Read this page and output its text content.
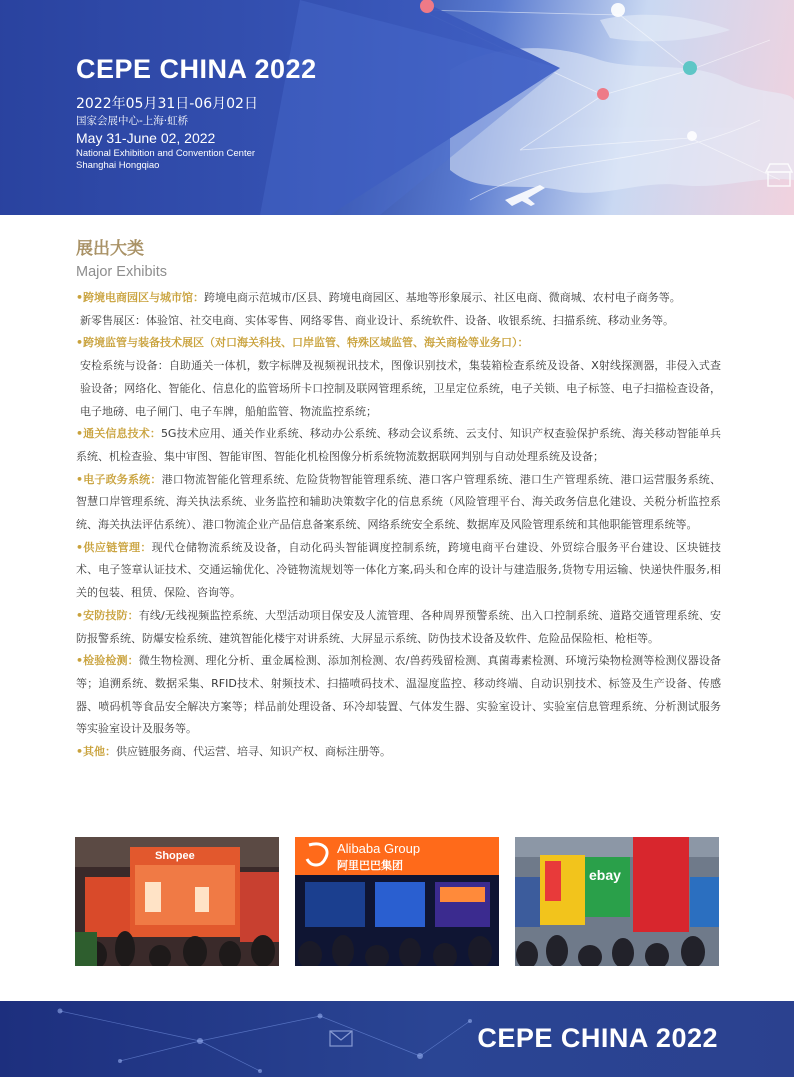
CEPE CHINA 2022
2022年05月31日-06月02日
国家会展中心-上海·虹桥
May 31-June 02, 2022
National Exhibition and Convention Center
Shanghai Hongqiao
展出大类
Major Exhibits
•跨境电商园区与城市馆：跨境电商示范城市/区县、跨境电商园区、基地等形象展示、社区电商、微商城、农村电子商务等。
新零售展区：体验馆、社交电商、实体零售、网络零售、商业设计、系统软件、设备、收银系统、扫描系统、移动业务等。
•跨境监管与装备技术展区（对口海关科技、口岸监管、特殊区域监管、海关商检等业务口）：
安检系统与设备：自助通关一体机，数字标牌及视频视讯技术，图像识别技术，集装箱检查系统及设备、X射线探测器，非侵入式查验设备；网络化、智能化、信息化的监管场所卡口控制及联网管理系统，卫星定位系统，电子关锁、电子标签、电子扫描检查设备，电子地磅、电子闸门、电子车牌，船舶监管、物流监控系统；
•通关信息技术：5G技术应用、通关作业系统、移动办公系统、移动会议系统、云支付、知识产权查验保护系统、海关移动智能单兵系统、机检查验、集中审图、智能审图、智能化机检图像分析系统物流数据联网判别与自动处理系统及设备；
•电子政务系统：港口物流智能化管理系统、危险货物智能管理系统、港口客户管理系统、港口生产管理系统、港口运营服务系统、智慧口岸管理系统、海关执法系统、业务监控和辅助决策数字化的信息系统（风险管理平台、海关政务信息化建设、关税分析监控系统、海关执法评估系统）、港口物流企业产品信息备案系统、网络系统安全系统、数据库及风险管理系统和其他职能管理系统等。
•供应链管理：现代仓储物流系统及设备，自动化码头智能调度控制系统，跨境电商平台建设、外贸综合服务平台建设、区块链技术、电子签章认证技术、交通运输优化、冷链物流规划等一体化方案,码头和仓库的设计与建造服务,货物专用运输、快递快件服务,相关的包装、租赁、保险、咨询等。
•安防技防：有线/无线视频监控系统、大型活动项目保安及人流管理、各种周界预警系统、出入口控制系统、道路交通管理系统、安防报警系统、防爆安检系统、建筑智能化楼宇对讲系统、大屏显示系统、防伪技术设备及软件、危险品保险柜、枪柜等。
•检验检测：微生物检测、理化分析、重金属检测、添加剂检测、农/兽药残留检测、真菌毒素检测、环境污染物检测等检测仪器设备等；追溯系统、数据采集、RFID技术、射频技术、扫描喷码技术、温湿度监控、移动终端、自动识别技术、标签及生产设备、传感器、喷码机等食品安全解决方案等；样品前处理设备、环冷却装置、气体发生器、实验室设计、实验室信息管理系统、分析测试服务等实验室设计及服务等。
•其他：供应链服务商、代运营、培寻、知识产权、商标注册等。
Shopee	Alibaba Group
阿里巴巴集团
ebay
CEPE CHINA 2022
